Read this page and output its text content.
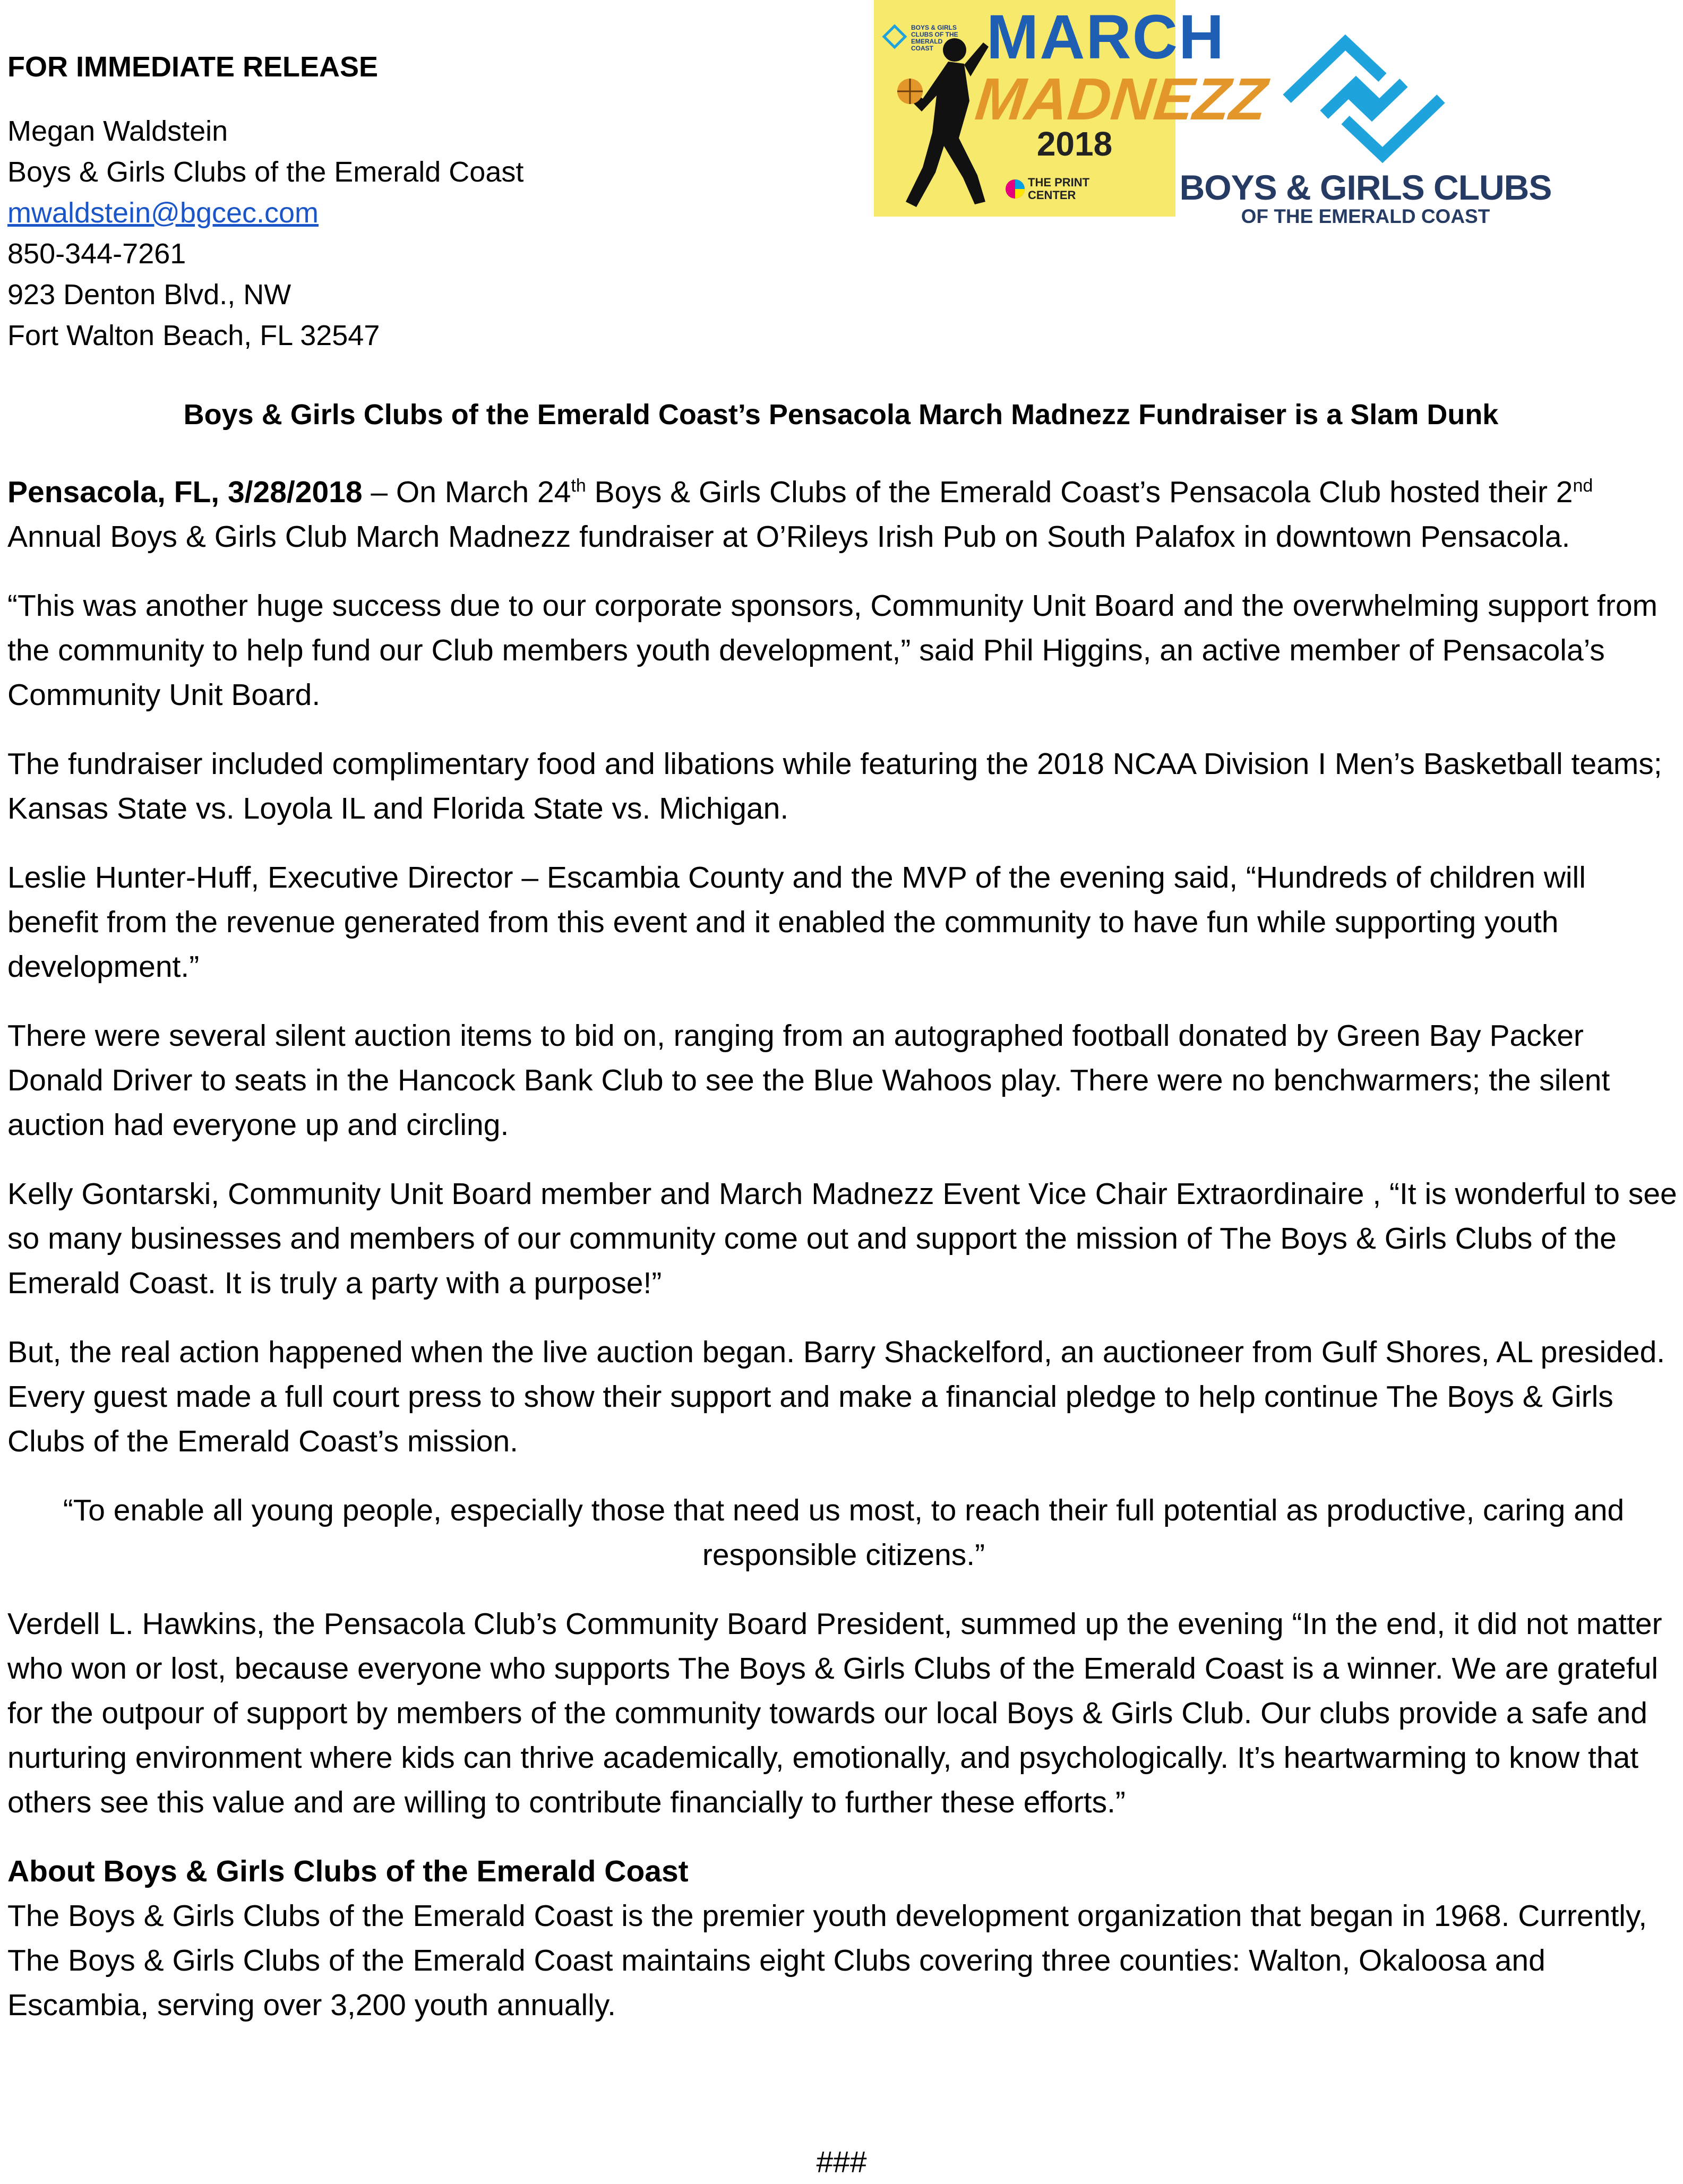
FOR IMMEDIATE RELEASE
Megan Waldstein
Boys & Girls Clubs of the Emerald Coast
mwaldstein@bgcec.com
850-344-7261
923 Denton Blvd., NW
Fort Walton Beach, FL 32547
BOYS & GIRLS CLUBS OF THE EMERALD COAST MARCH
MADNEZZ
2018
THE PRINT CENTER	BOYS & GIRLS CLUBS
OF THE EMERALD COAST
Boys & Girls Clubs of the Emerald Coast’s Pensacola March Madnezz Fundraiser is a Slam Dunk

Pensacola, FL, 3/28/2018 – On March 24th Boys & Girls Clubs of the Emerald Coast’s Pensacola Club hosted their 2nd Annual Boys & Girls Club March Madnezz fundraiser at O’Rileys Irish Pub on South Palafox in downtown Pensacola.

“This was another huge success due to our corporate sponsors, Community Unit Board and the overwhelming support from the community to help fund our Club members youth development,” said Phil Higgins, an active member of Pensacola’s Community Unit Board.

The fundraiser included complimentary food and libations while featuring the 2018 NCAA Division I Men’s Basketball teams; Kansas State vs. Loyola IL and Florida State vs. Michigan.

Leslie Hunter-Huff, Executive Director – Escambia County and the MVP of the evening said, “Hundreds of children will benefit from the revenue generated from this event and it enabled the community to have fun while supporting youth development.”

There were several silent auction items to bid on, ranging from an autographed football donated by Green Bay Packer Donald Driver to seats in the Hancock Bank Club to see the Blue Wahoos play. There were no benchwarmers; the silent auction had everyone up and circling.

Kelly Gontarski, Community Unit Board member and March Madnezz Event Vice Chair Extraordinaire , “It is wonderful to see so many businesses and members of our community come out and support the mission of The Boys & Girls Clubs of the Emerald Coast. It is truly a party with a purpose!”

But, the real action happened when the live auction began. Barry Shackelford, an auctioneer from Gulf Shores, AL presided. Every guest made a full court press to show their support and make a financial pledge to help continue The Boys & Girls Clubs of the Emerald Coast’s mission.

“To enable all young people, especially those that need us most, to reach their full potential as productive, caring and responsible citizens.”

Verdell L. Hawkins, the Pensacola Club’s Community Board President, summed up the evening “In the end, it did not matter who won or lost, because everyone who supports The Boys & Girls Clubs of the Emerald Coast is a winner. We are grateful for the outpour of support by members of the community towards our local Boys & Girls Club. Our clubs provide a safe and nurturing environment where kids can thrive academically, emotionally, and psychologically. It’s heartwarming to know that others see this value and are willing to contribute financially to further these efforts.”

About Boys & Girls Clubs of the Emerald Coast

The Boys & Girls Clubs of the Emerald Coast is the premier youth development organization that began in 1968. Currently, The Boys & Girls Clubs of the Emerald Coast maintains eight Clubs covering three counties: Walton, Okaloosa and Escambia, serving over 3,200 youth annually.

###
